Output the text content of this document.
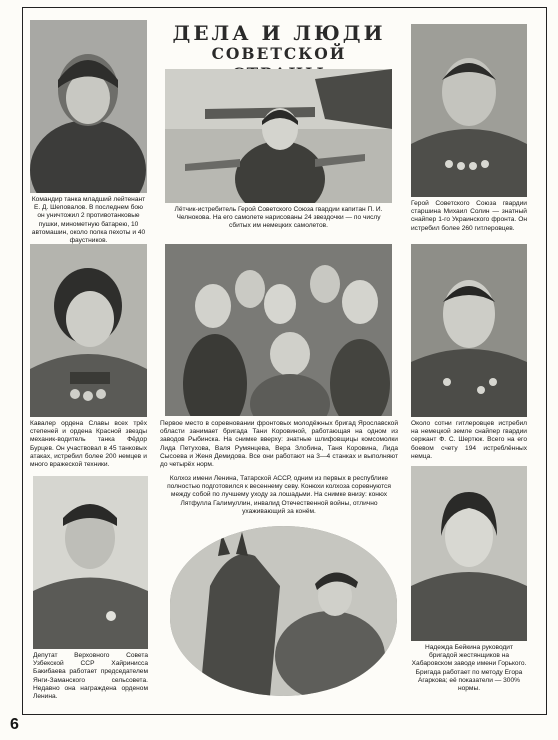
ДЕЛА И ЛЮДИ
СОВЕТСКОЙ

Командир танка младший лейтенант Е. Д. Шеповалов. В последнем бою он уничтожил 2 противотанковые пушки, минометную батарею, 10 автомашин, около полка пехоты и 40 фаустников.

Лётчик-истребитель Герой Советского Союза гвардии капитан П. И. Челнокова. На его самолете нарисованы 24 звездочки — по числу сбитых им немецких самолетов.

Герой Советского Союза гвардии старшина Михаил Солин — знатный снайпер 1-го Украинского фронта. Он истребил более 260 гитлеровцев.

Кавалер ордена Славы всех трёх степеней и ордена Красной звезды механик-водитель танка Фёдор Бурцев. Он участвовал в 45 танковых атаках, истребил более 200 немцев и много вражеской техники.

Первое место в соревновании фронтовых молодёжных бригад Ярославской области занимает бригада Тани Коровиной, работающая на одном из заводов Рыбинска. На снимке вверху: знатные шлифовщицы комсомолки Лида Петухова, Валя Румянцева, Вера Злобина, Таня Коровина, Лида Сысоева и Женя Демидова. Все они работают на 3—4 станках и выполняют до четырёх норм.

Колхоз имени Ленина, Татарской АССР, одним из первых в республике полностью подготовился к весеннему севу. Конюхи колхоза соревнуются между собой по лучшему уходу за лошадьми. На снимке внизу: конюх Лятфулла Галимуллин, инвалид Отечественной войны, отлично ухаживающий за конём.

Около сотни гитлеровцев истребил на немецкой земле снайпер гвардии сержант Ф. С. Шертюк. Всего на его боевом счету 194 истреблённых немца.

Депутат Верховного Совета Узбекской ССР Хайринисса Бакибаева работает председателем Янги-Заманского сельсовета. Недавно она награждена орденом Ленина.

Надежда Бейкина руководит бригадой жестянщиков на Хабаровском заводе имени Горького. Бригада работает по методу Егора Агаркова; её показатели — 300% нормы.

6
